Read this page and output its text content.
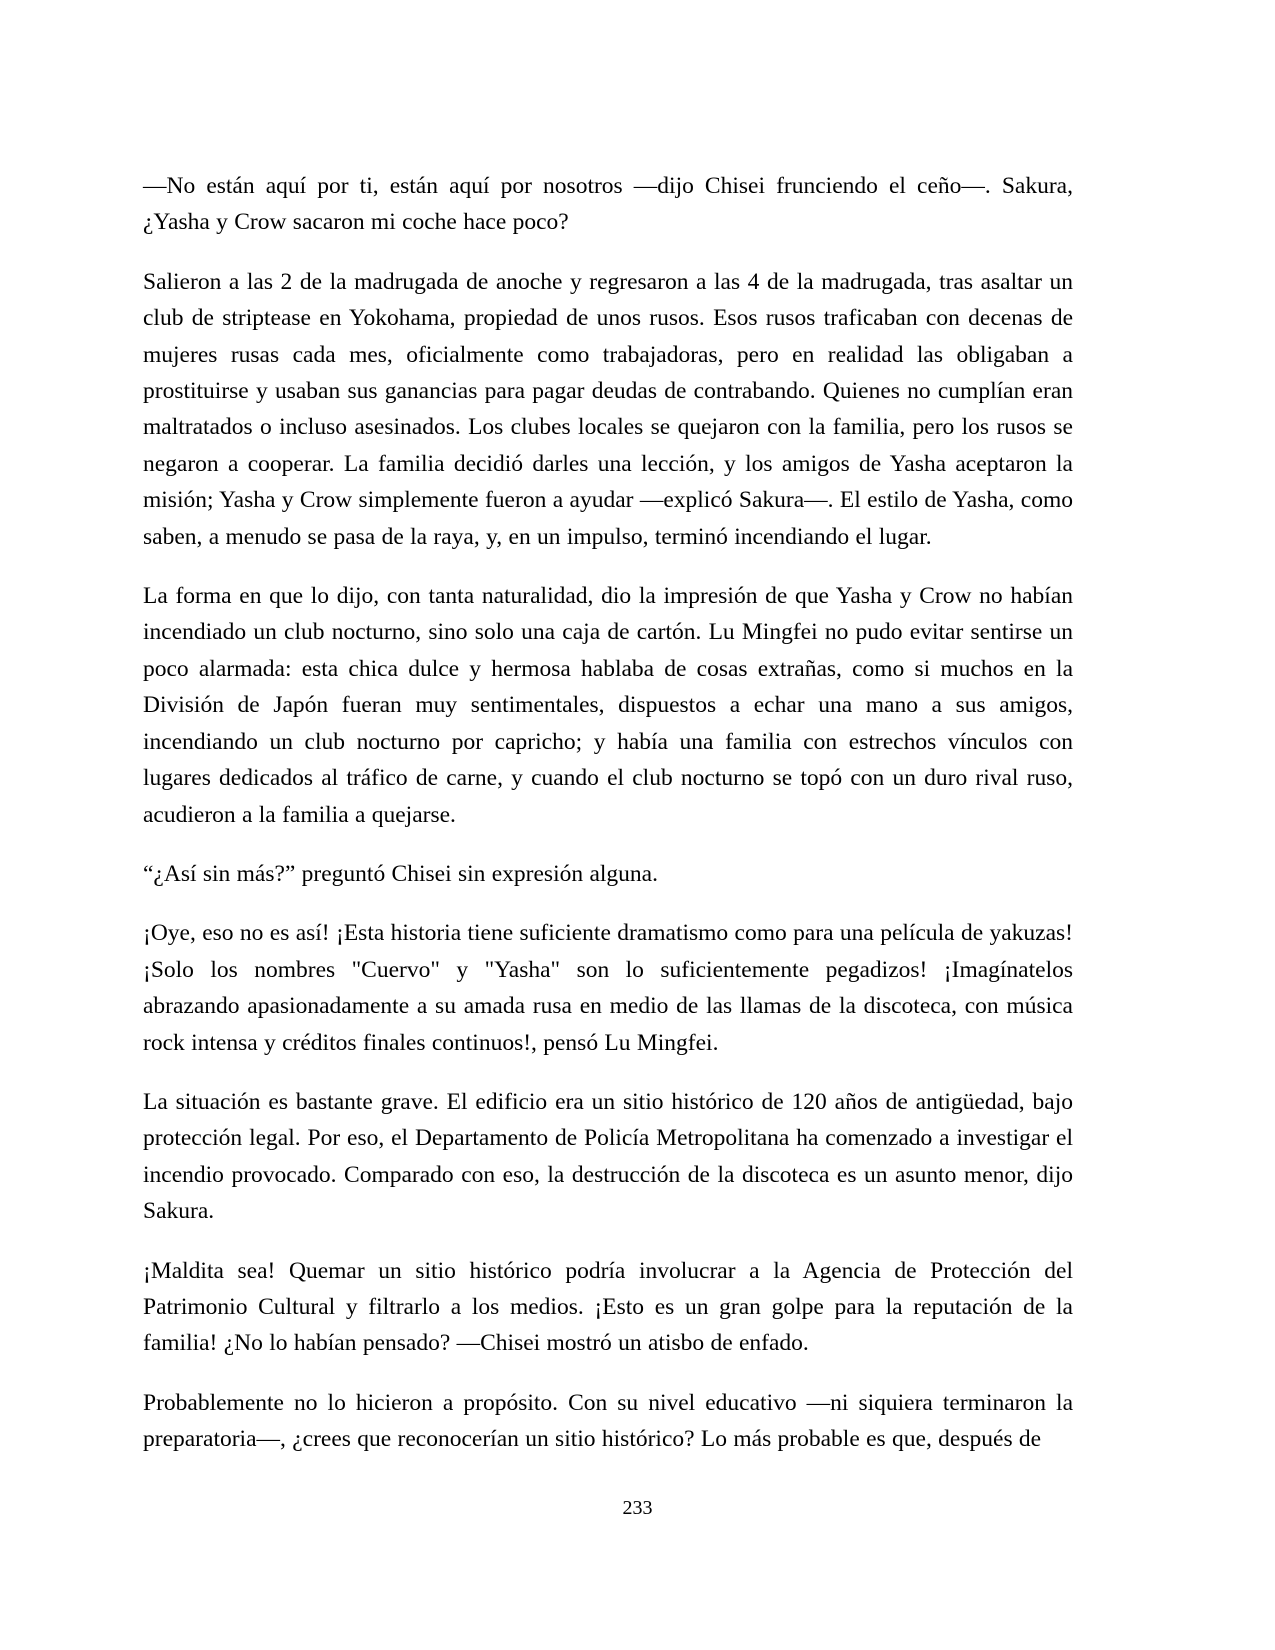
—No están aquí por ti, están aquí por nosotros —dijo Chisei frunciendo el ceño—. Sakura, ¿Yasha y Crow sacaron mi coche hace poco?

Salieron a las 2 de la madrugada de anoche y regresaron a las 4 de la madrugada, tras asaltar un club de striptease en Yokohama, propiedad de unos rusos. Esos rusos traficaban con decenas de mujeres rusas cada mes, oficialmente como trabajadoras, pero en realidad las obligaban a prostituirse y usaban sus ganancias para pagar deudas de contrabando. Quienes no cumplían eran maltratados o incluso asesinados. Los clubes locales se quejaron con la familia, pero los rusos se negaron a cooperar. La familia decidió darles una lección, y los amigos de Yasha aceptaron la misión; Yasha y Crow simplemente fueron a ayudar —explicó Sakura—. El estilo de Yasha, como saben, a menudo se pasa de la raya, y, en un impulso, terminó incendiando el lugar.

La forma en que lo dijo, con tanta naturalidad, dio la impresión de que Yasha y Crow no habían incendiado un club nocturno, sino solo una caja de cartón. Lu Mingfei no pudo evitar sentirse un poco alarmada: esta chica dulce y hermosa hablaba de cosas extrañas, como si muchos en la División de Japón fueran muy sentimentales, dispuestos a echar una mano a sus amigos, incendiando un club nocturno por capricho; y había una familia con estrechos vínculos con lugares dedicados al tráfico de carne, y cuando el club nocturno se topó con un duro rival ruso, acudieron a la familia a quejarse.

“¿Así sin más?” preguntó Chisei sin expresión alguna.

¡Oye, eso no es así! ¡Esta historia tiene suficiente dramatismo como para una película de yakuzas! ¡Solo los nombres "Cuervo" y "Yasha" son lo suficientemente pegadizos! ¡Imagínatelos abrazando apasionadamente a su amada rusa en medio de las llamas de la discoteca, con música rock intensa y créditos finales continuos!, pensó Lu Mingfei.

La situación es bastante grave. El edificio era un sitio histórico de 120 años de antigüedad, bajo protección legal. Por eso, el Departamento de Policía Metropolitana ha comenzado a investigar el incendio provocado. Comparado con eso, la destrucción de la discoteca es un asunto menor, dijo Sakura.

¡Maldita sea! Quemar un sitio histórico podría involucrar a la Agencia de Protección del Patrimonio Cultural y filtrarlo a los medios. ¡Esto es un gran golpe para la reputación de la familia! ¿No lo habían pensado? —Chisei mostró un atisbo de enfado.

Probablemente no lo hicieron a propósito. Con su nivel educativo —ni siquiera terminaron la preparatoria—, ¿crees que reconocerían un sitio histórico? Lo más probable es que, después de

233
